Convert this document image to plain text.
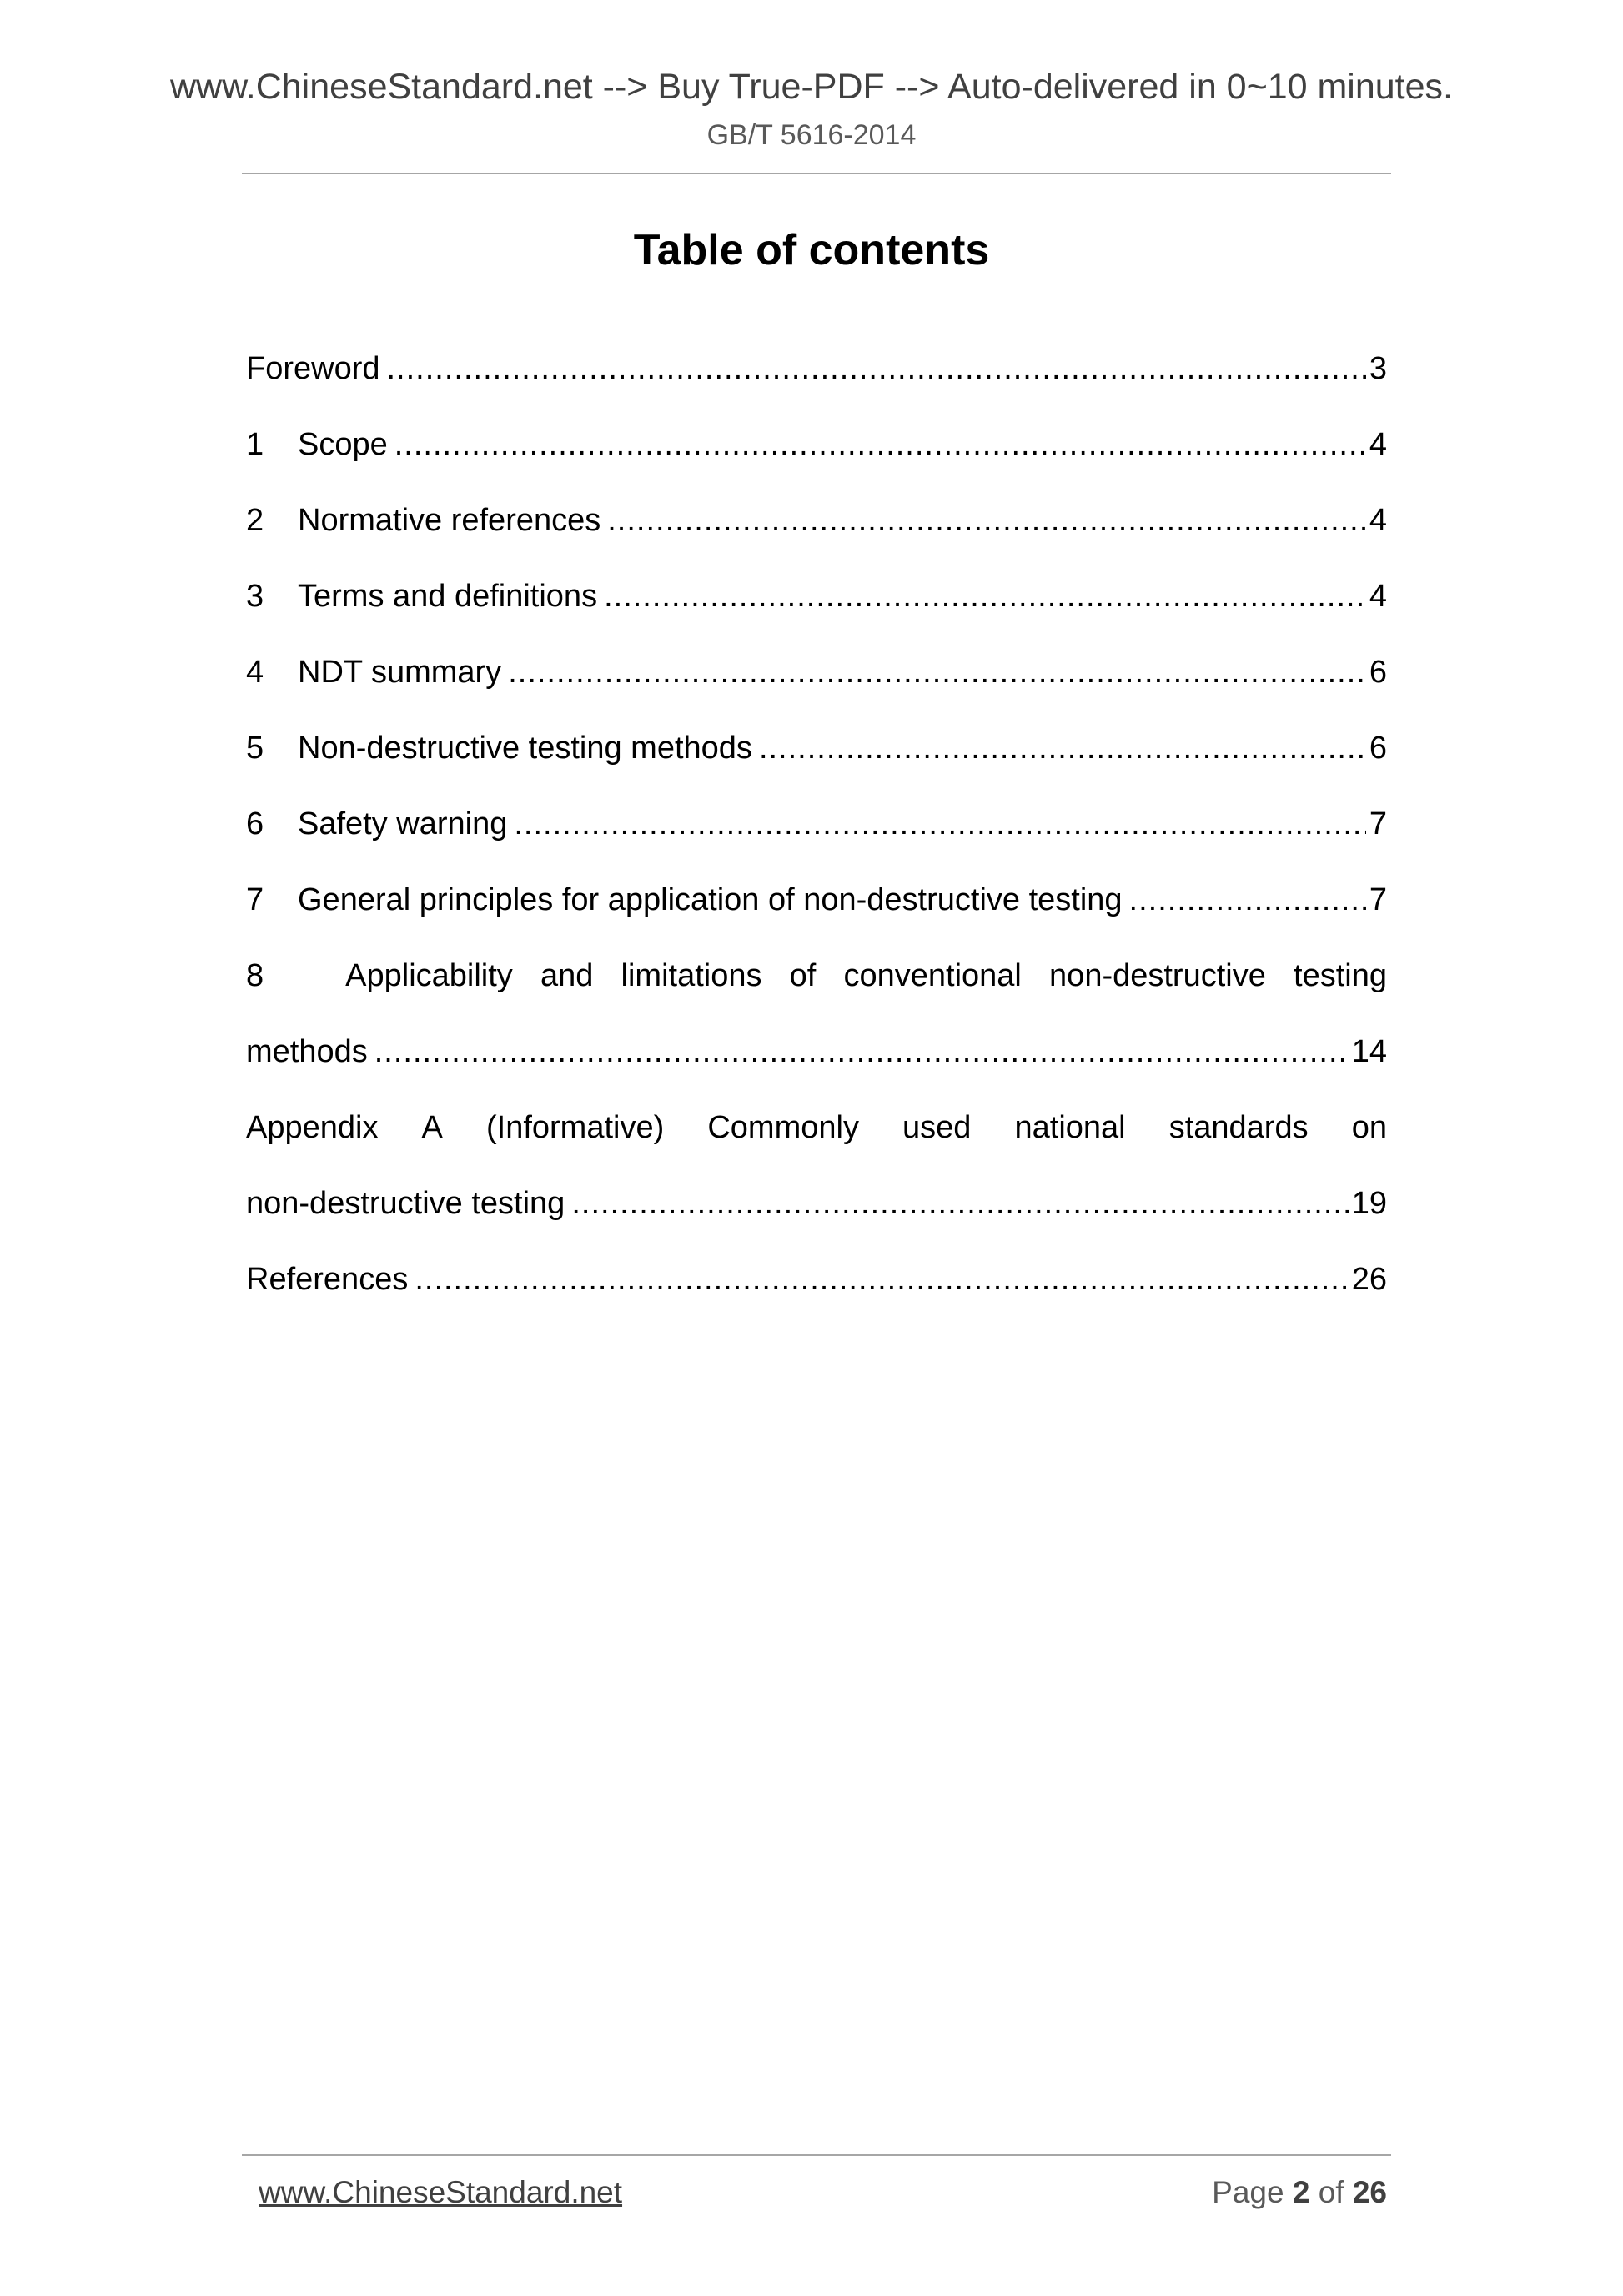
www.ChineseStandard.net --> Buy True-PDF --> Auto-delivered in 0~10 minutes.
GB/T 5616-2014
Table of contents
Foreword .....	3
1	Scope .....	4
2	Normative references .....	4
3	Terms and definitions .....	4
4	NDT summary .....	6
5	Non-destructive testing methods .....	6
6	Safety warning .....	7
7	General principles for application of non-destructive testing .....	7
8	Applicability and limitations of conventional non-destructive testing
methods .....	14
Appendix A (Informative) Commonly used national standards on
non-destructive testing .....	19
References .....	26
www.ChineseStandard.net	Page 2 of 26
